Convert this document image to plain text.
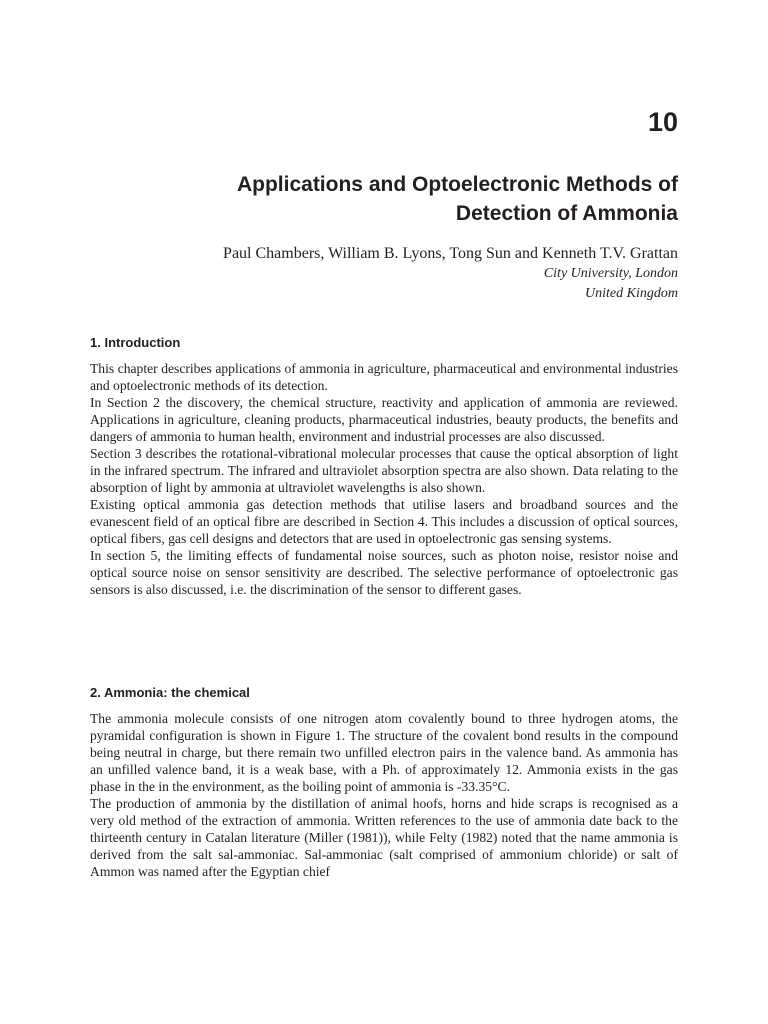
10
Applications and Optoelectronic Methods of
Detection of Ammonia

Paul Chambers, William B. Lyons, Tong Sun and Kenneth T.V. Grattan

City University, London
United Kingdom

1. Introduction

This chapter describes applications of ammonia in agriculture, pharmaceutical and environmental industries and optoelectronic methods of its detection.

In Section 2 the discovery, the chemical structure, reactivity and application of ammonia are reviewed. Applications in agriculture, cleaning products, pharmaceutical industries, beauty products, the benefits and dangers of ammonia to human health, environment and industrial processes are also discussed.

Section 3 describes the rotational-vibrational molecular processes that cause the optical absorption of light in the infrared spectrum. The infrared and ultraviolet absorption spectra are also shown. Data relating to the absorption of light by ammonia at ultraviolet wavelengths is also shown.

Existing optical ammonia gas detection methods that utilise lasers and broadband sources and the evanescent field of an optical fibre are described in Section 4. This includes a discussion of optical sources, optical fibers, gas cell designs and detectors that are used in optoelectronic gas sensing systems.

In section 5, the limiting effects of fundamental noise sources, such as photon noise, resistor noise and optical source noise on sensor sensitivity are described. The selective performance of optoelectronic gas sensors is also discussed, i.e. the discrimination of the sensor to different gases.

2. Ammonia: the chemical

The ammonia molecule consists of one nitrogen atom covalently bound to three hydrogen atoms, the pyramidal configuration is shown in Figure 1. The structure of the covalent bond results in the compound being neutral in charge, but there remain two unfilled electron pairs in the valence band. As ammonia has an unfilled valence band, it is a weak base, with a Ph. of approximately 12. Ammonia exists in the gas phase in the in the environment, as the boiling point of ammonia is -33.35°C.

The production of ammonia by the distillation of animal hoofs, horns and hide scraps is recognised as a very old method of the extraction of ammonia. Written references to the use of ammonia date back to the thirteenth century in Catalan literature (Miller (1981)), while Felty (1982) noted that the name ammonia is derived from the salt sal-ammoniac. Sal-ammoniac (salt comprised of ammonium chloride) or salt of Ammon was named after the Egyptian chief
